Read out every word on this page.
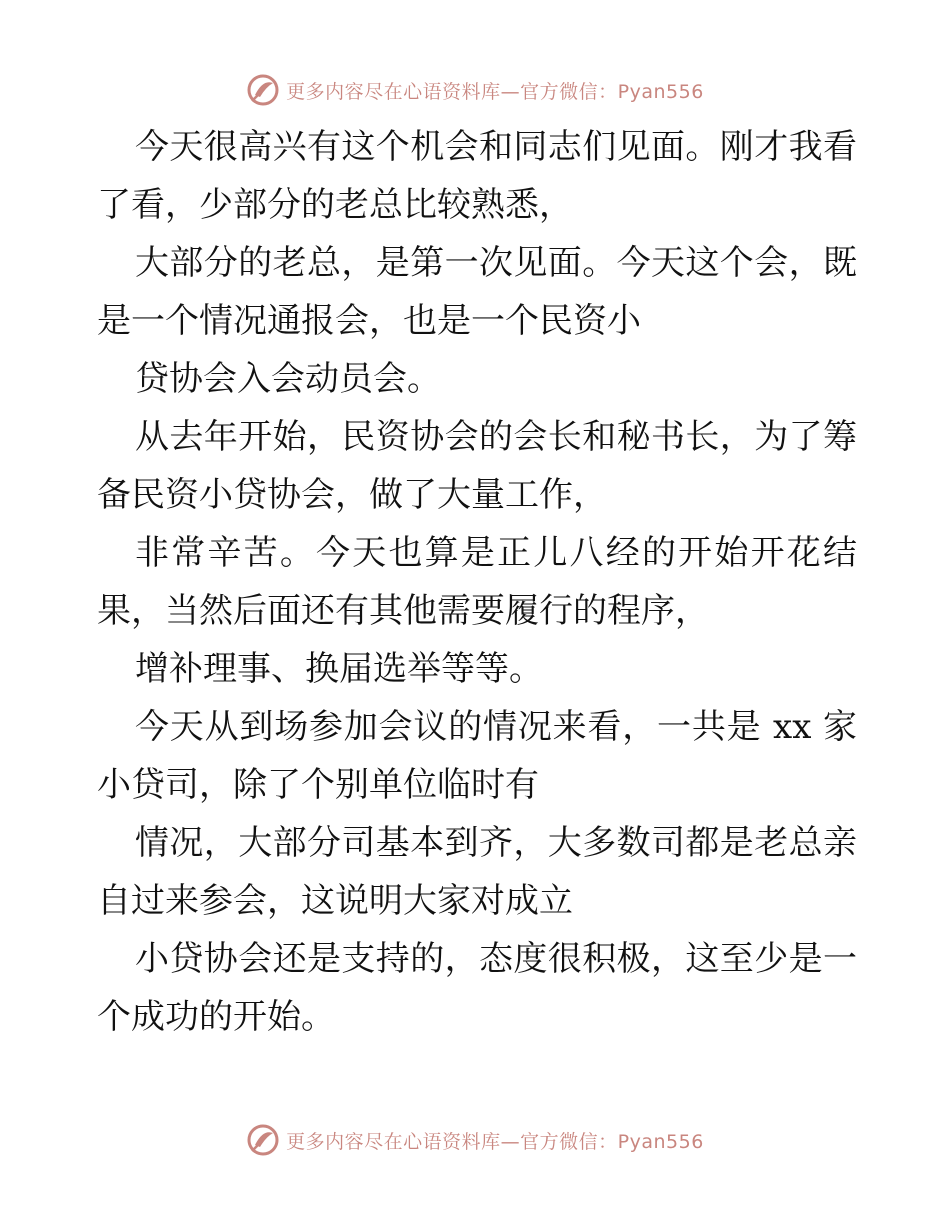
更多内容尽在心语资料库—官方微信：Pyan556

今天很高兴有这个机会和同志们见面。刚才我看了看，少部分的老总比较熟悉，

大部分的老总，是第一次见面。今天这个会，既是一个情况通报会，也是一个民资小

贷协会入会动员会。

从去年开始，民资协会的会长和秘书长，为了筹备民资小贷协会，做了大量工作，

非常辛苦。今天也算是正儿八经的开始开花结果，当然后面还有其他需要履行的程序，

增补理事、换届选举等等。

今天从到场参加会议的情况来看，一共是 xx 家小贷司，除了个别单位临时有

情况，大部分司基本到齐，大多数司都是老总亲自过来参会，这说明大家对成立

小贷协会还是支持的，态度很积极，这至少是一个成功的开始。

更多内容尽在心语资料库—官方微信：Pyan556
